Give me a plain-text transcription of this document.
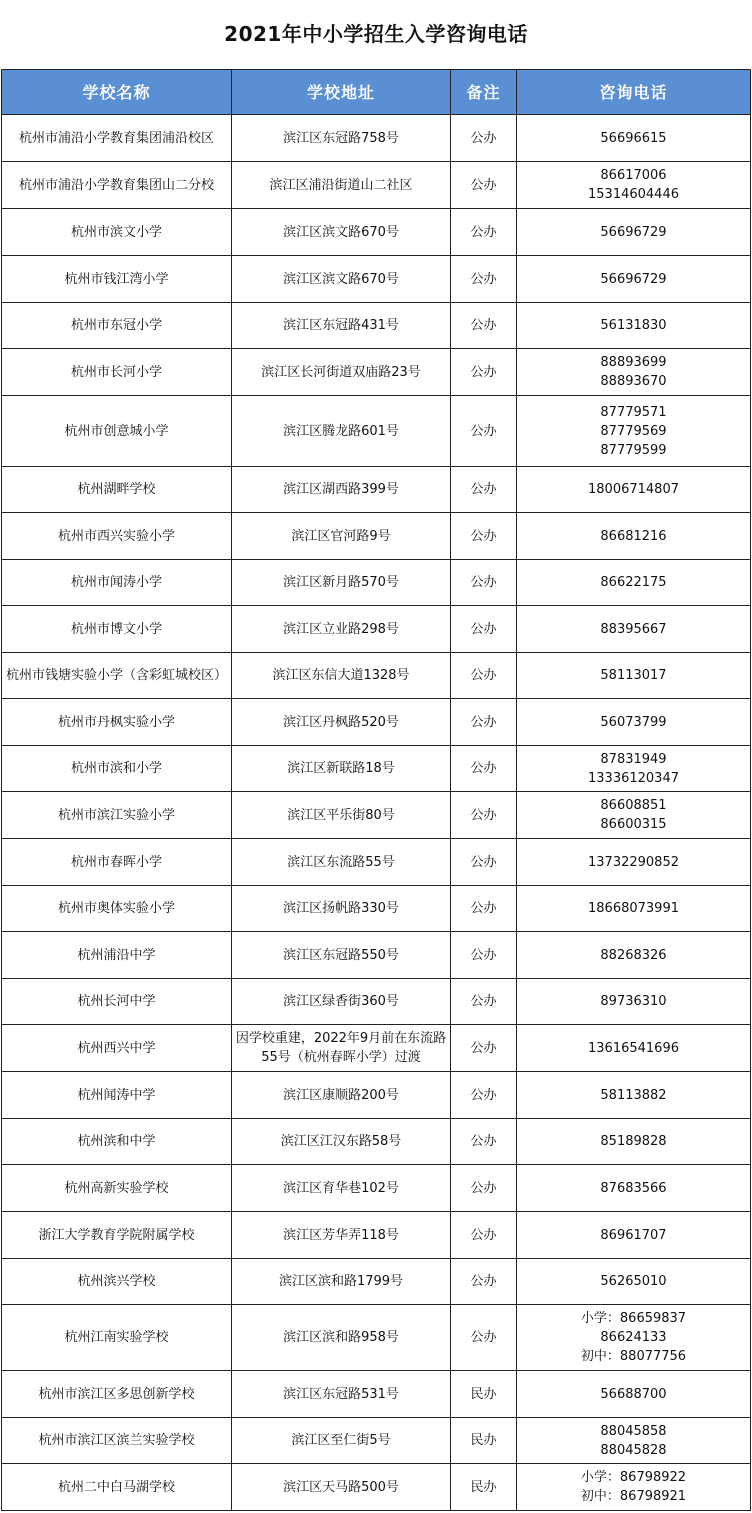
2021年中小学招生入学咨询电话
学校名称	学校地址	备注	咨询电话
杭州市浦沿小学教育集团浦沿校区	滨江区东冠路758号	公办	56696615

杭州市浦沿小学教育集团山二分校	滨江区浦沿街道山二社区	公办	86617006
15314604446

杭州市滨文小学	滨江区滨文路670号	公办	56696729

杭州市钱江湾小学	滨江区滨文路670号	公办	56696729

杭州市东冠小学	滨江区东冠路431号	公办	56131830

杭州市长河小学	滨江区长河街道双庙路23号	公办	88893699
88893670

杭州市创意城小学	滨江区腾龙路601号	公办	87779571
87779569
87779599

杭州湖畔学校	滨江区湖西路399号	公办	18006714807

杭州市西兴实验小学	滨江区官河路9号	公办	86681216

杭州市闻涛小学	滨江区新月路570号	公办	86622175

杭州市博文小学	滨江区立业路298号	公办	88395667

杭州市钱塘实验小学（含彩虹城校区）	滨江区东信大道1328号	公办	58113017

杭州市丹枫实验小学	滨江区丹枫路520号	公办	56073799

杭州市滨和小学	滨江区新联路18号	公办	87831949
13336120347

杭州市滨江实验小学	滨江区平乐街80号	公办	86608851
86600315

杭州市春晖小学	滨江区东流路55号	公办	13732290852

杭州市奥体实验小学	滨江区扬帆路330号	公办	18668073991

杭州浦沿中学	滨江区东冠路550号	公办	88268326

杭州长河中学	滨江区绿香街360号	公办	89736310

杭州西兴中学	因学校重建，2022年9月前在东流路
55号（杭州春晖小学）过渡	公办	13616541696

杭州闻涛中学	滨江区康顺路200号	公办	58113882

杭州滨和中学	滨江区江汉东路58号	公办	85189828

杭州高新实验学校	滨江区育华巷102号	公办	87683566

浙江大学教育学院附属学校	滨江区芳华弄118号	公办	86961707

杭州滨兴学校	滨江区滨和路1799号	公办	56265010

杭州江南实验学校	滨江区滨和路958号	公办	小学：86659837
86624133
初中：88077756

杭州市滨江区多思创新学校	滨江区东冠路531号	民办	56688700

杭州市滨江区滨兰实验学校	滨江区至仁街5号	民办	88045858
88045828

杭州二中白马湖学校	滨江区天马路500号	民办	小学：86798922
初中：86798921
